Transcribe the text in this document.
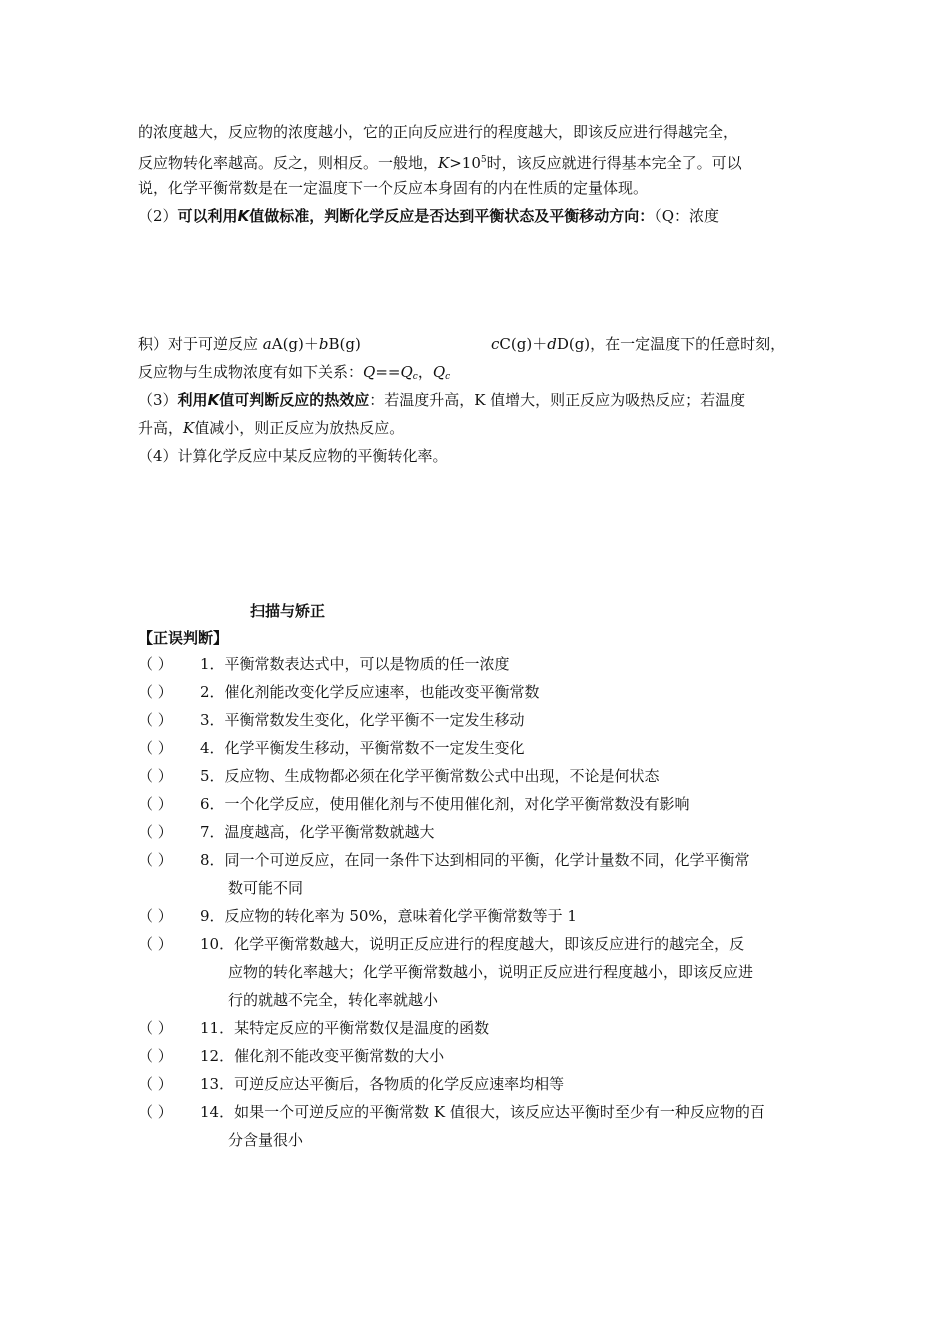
的浓度越大，反应物的浓度越小，它的正向反应进行的程度越大，即该反应进行得越完全，
反应物转化率越高。反之，则相反。一般地，$K>10^5$时，该反应就进行得基本完全了。可以
说，化学平衡常数是在一定温度下一个反应本身固有的内在性质的定量体现。
（2）可以利用K值做标准，判断化学反应是否达到平衡状态及平衡移动方向：（Q：浓度
积）对于可逆反应 aA(g)＋bB(g)	cC(g)＋dD(g)，在一定温度下的任意时刻，
反应物与生成物浓度有如下关系：$Q==Q_c$，$Q_c$
（3）利用K值可判断反应的热效应：若温度升高，K 值增大，则正反应为吸热反应；若温度
升高，K值减小，则正反应为放热反应。
（4）计算化学反应中某反应物的平衡转化率。
扫描与矫正
【正误判断】
（ ） 1．平衡常数表达式中，可以是物质的任一浓度
（ ） 2．催化剂能改变化学反应速率，也能改变平衡常数
（ ） 3．平衡常数发生变化，化学平衡不一定发生移动
（ ） 4．化学平衡发生移动，平衡常数不一定发生变化
（ ） 5．反应物、生成物都必须在化学平衡常数公式中出现，不论是何状态
（ ） 6．一个化学反应，使用催化剂与不使用催化剂，对化学平衡常数没有影响
（ ） 7．温度越高，化学平衡常数就越大
（ ） 8．同一个可逆反应，在同一条件下达到相同的平衡，化学计量数不同，化学平衡常
数可能不同
（ ） 9．反应物的转化率为 50%，意味着化学平衡常数等于 1
（ ） 10．化学平衡常数越大，说明正反应进行的程度越大，即该反应进行的越完全，反
应物的转化率越大；化学平衡常数越小，说明正反应进行程度越小，即该反应进
行的就越不完全，转化率就越小
（ ） 11．某特定反应的平衡常数仅是温度的函数
（ ） 12．催化剂不能改变平衡常数的大小
（ ） 13．可逆反应达平衡后，各物质的化学反应速率均相等
（ ） 14．如果一个可逆反应的平衡常数 K 值很大，该反应达平衡时至少有一种反应物的百
分含量很小
